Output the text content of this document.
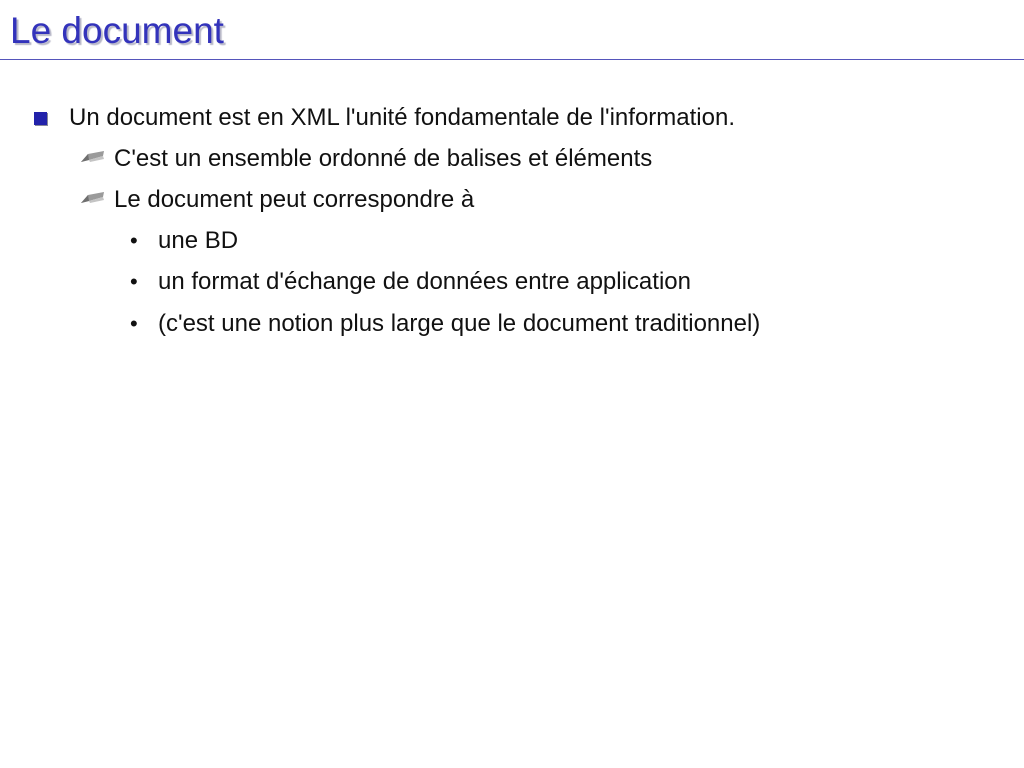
Le document
Un document est en XML l'unité fondamentale de l'information.
C'est un ensemble ordonné de balises et éléments
Le document peut correspondre à
• une BD
• un format d'échange de données entre application
• (c'est une notion plus large que le document traditionnel)
